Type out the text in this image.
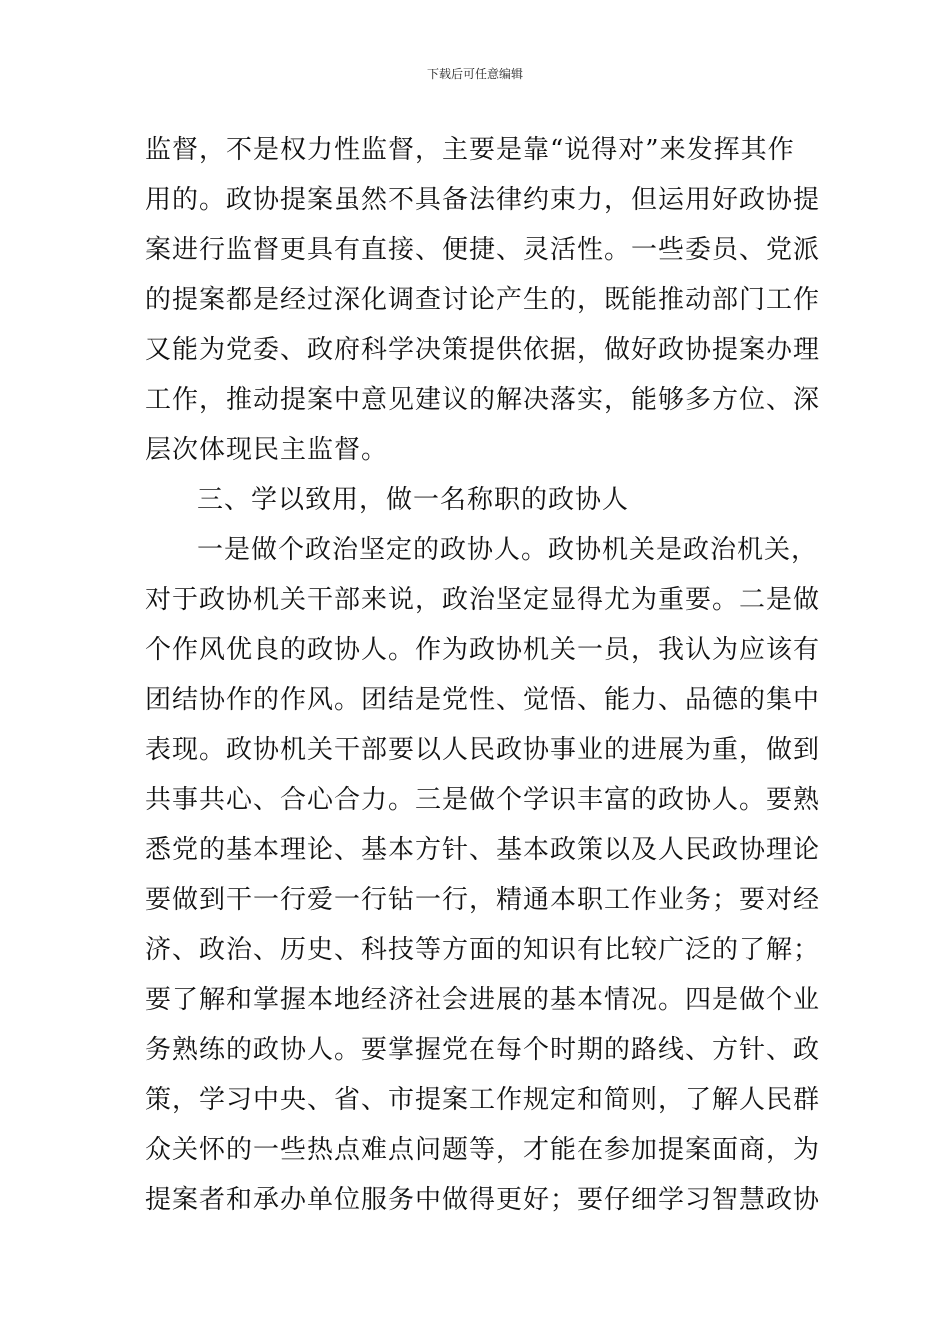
下载后可任意编辑
监督，不是权力性监督，主要是靠“说得对”来发挥其作
用的。政协提案虽然不具备法律约束力，但运用好政协提
案进行监督更具有直接、便捷、灵活性。一些委员、党派
的提案都是经过深化调查讨论产生的，既能推动部门工作
又能为党委、政府科学决策提供依据，做好政协提案办理
工作，推动提案中意见建议的解决落实，能够多方位、深
层次体现民主监督。
三、学以致用，做一名称职的政协人
一是做个政治坚定的政协人。政协机关是政治机关，
对于政协机关干部来说，政治坚定显得尤为重要。二是做
个作风优良的政协人。作为政协机关一员，我认为应该有
团结协作的作风。团结是党性、觉悟、能力、品德的集中
表现。政协机关干部要以人民政协事业的进展为重，做到
共事共心、合心合力。三是做个学识丰富的政协人。要熟
悉党的基本理论、基本方针、基本政策以及人民政协理论
要做到干一行爱一行钻一行，精通本职工作业务；要对经
济、政治、历史、科技等方面的知识有比较广泛的了解；
要了解和掌握本地经济社会进展的基本情况。四是做个业
务熟练的政协人。要掌握党在每个时期的路线、方针、政
策，学习中央、省、市提案工作规定和简则，了解人民群
众关怀的一些热点难点问题等，才能在参加提案面商，为
提案者和承办单位服务中做得更好；要仔细学习智慧政协
